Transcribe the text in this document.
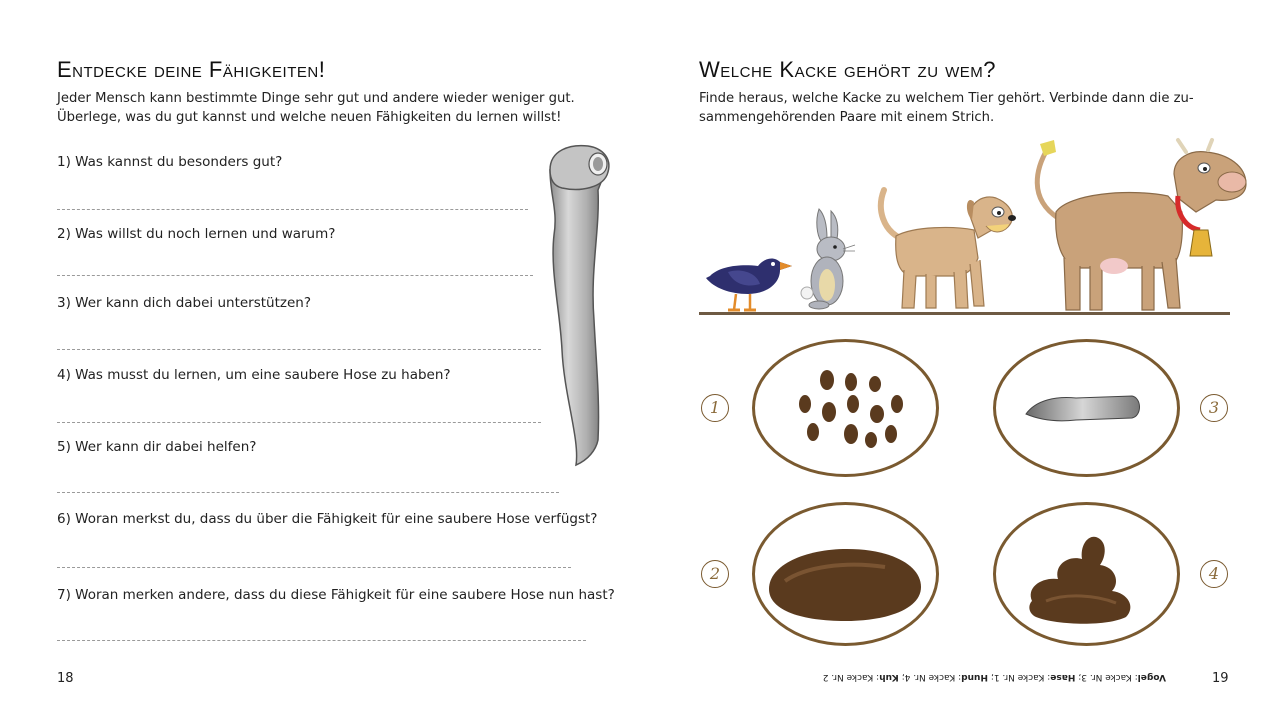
Entdecke deine Fähigkeiten!

Jeder Mensch kann bestimmte Dinge sehr gut und andere wieder weniger gut.

Überlege, was du gut kannst und welche neuen Fähigkeiten du lernen willst!

1) Was kannst du besonders gut?
2) Was willst du noch lernen und warum?
3) Wer kann dich dabei unterstützen?
4) Was musst du lernen, um eine saubere Hose zu haben?
5) Wer kann dir dabei helfen?
6) Woran merkst du, dass du über die Fähigkeit für eine saubere Hose verfügst?
7) Woran merken andere, dass du diese Fähigkeit für eine saubere Hose nun hast?
18
Welche Kacke gehört zu wem?

Finde heraus, welche Kacke zu welchem Tier gehört. Verbinde dann die zu-

sammengehörenden Paare mit einem Strich.

1	3
2	4
Vogel: Kacke Nr. 3; Hase: Kacke Nr. 1; Hund: Kacke Nr. 4; Kuh: Kacke Nr. 2	19
